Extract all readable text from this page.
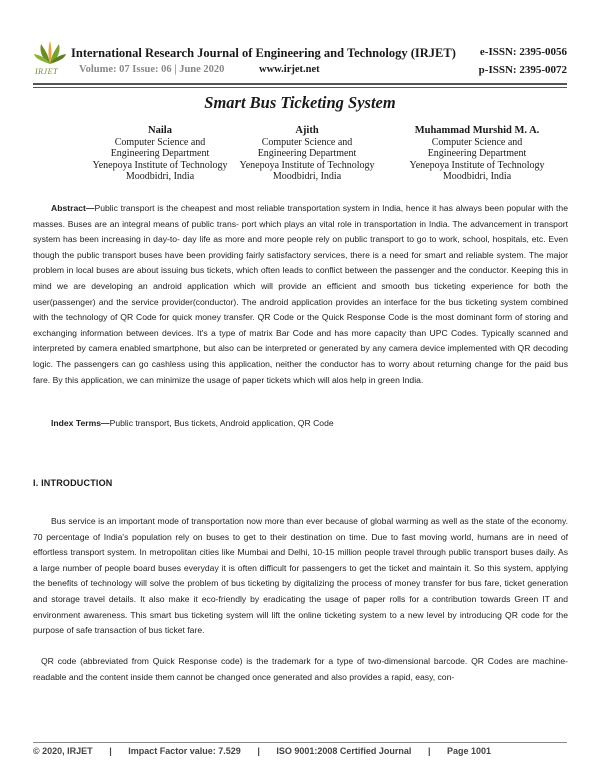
IRJET
International Research Journal of Engineering and Technology (IRJET) e-ISSN: 2395-0056
Volume: 07 Issue: 06 | June 2020	www.irjet.net	p-ISSN: 2395-0072
Smart Bus Ticketing System
Naila
Computer Science and
Engineering Department
Yenepoya Institute of Technology
Moodbidri, India
Ajith
Computer Science and
Engineering Department
Yenepoya Institute of Technology
Moodbidri, India
Muhammad Murshid M. A.
Computer Science and
Engineering Department
Yenepoya Institute of Technology
Moodbidri, India
Abstract—Public transport is the cheapest and most reliable transportation system in India, hence it has always been popular with the masses. Buses are an integral means of public trans- port which plays an vital role in transportation in India. The advancement in transport system has been increasing in day-to- day life as more and more people rely on public transport to go to work, school, hospitals, etc. Even though the public transport buses have been providing fairly satisfactory services, there is a need for smart and reliable system. The major problem in local buses are about issuing bus tickets, which often leads to conflict between the passenger and the conductor. Keeping this in mind we are developing an android application which will provide an efficient and smooth bus ticketing experience for both the user(passenger) and the service provider(conductor). The android application provides an interface for the bus ticketing system combined with the technology of QR Code for quick money transfer. QR Code or the Quick Response Code is the most dominant form of storing and exchanging information between devices. It's a type of matrix Bar Code and has more capacity than UPC Codes. Typically scanned and interpreted by camera enabled smartphone, but also can be interpreted or generated by any camera device implemented with QR decoding logic. The passengers can go cashless using this application, neither the conductor has to worry about returning change for the paid bus fare. By this application, we can minimize the usage of paper tickets which will alos help in green India.
Index Terms—Public transport, Bus tickets, Android application, QR Code
I. INTRODUCTION
Bus service is an important mode of transportation now more than ever because of global warming as well as the state of the economy. 70 percentage of India's population rely on buses to get to their destination on time. Due to fast moving world, humans are in need of effortless transport system. In metropolitan cities like Mumbai and Delhi, 10-15 million people travel through public transport buses daily. As a large number of people board buses everyday it is often difficult for passengers to get the ticket and maintain it. So this system, applying the benefits of technology will solve the problem of bus ticketing by digitalizing the process of money transfer for bus fare, ticket generation and storage travel details. It also make it eco-friendly by eradicating the usage of paper rolls for a contribution towards Green IT and environment awareness. This smart bus ticketing system will lift the online ticketing system to a new level by introducing QR code for the purpose of safe transaction of bus ticket fare.
QR code (abbreviated from Quick Response code) is the trademark for a type of two-dimensional barcode. QR Codes are machine-readable and the content inside them cannot be changed once generated and also provides a rapid, easy, con-
© 2020, IRJET | Impact Factor value: 7.529 | ISO 9001:2008 Certified Journal | Page 1001
